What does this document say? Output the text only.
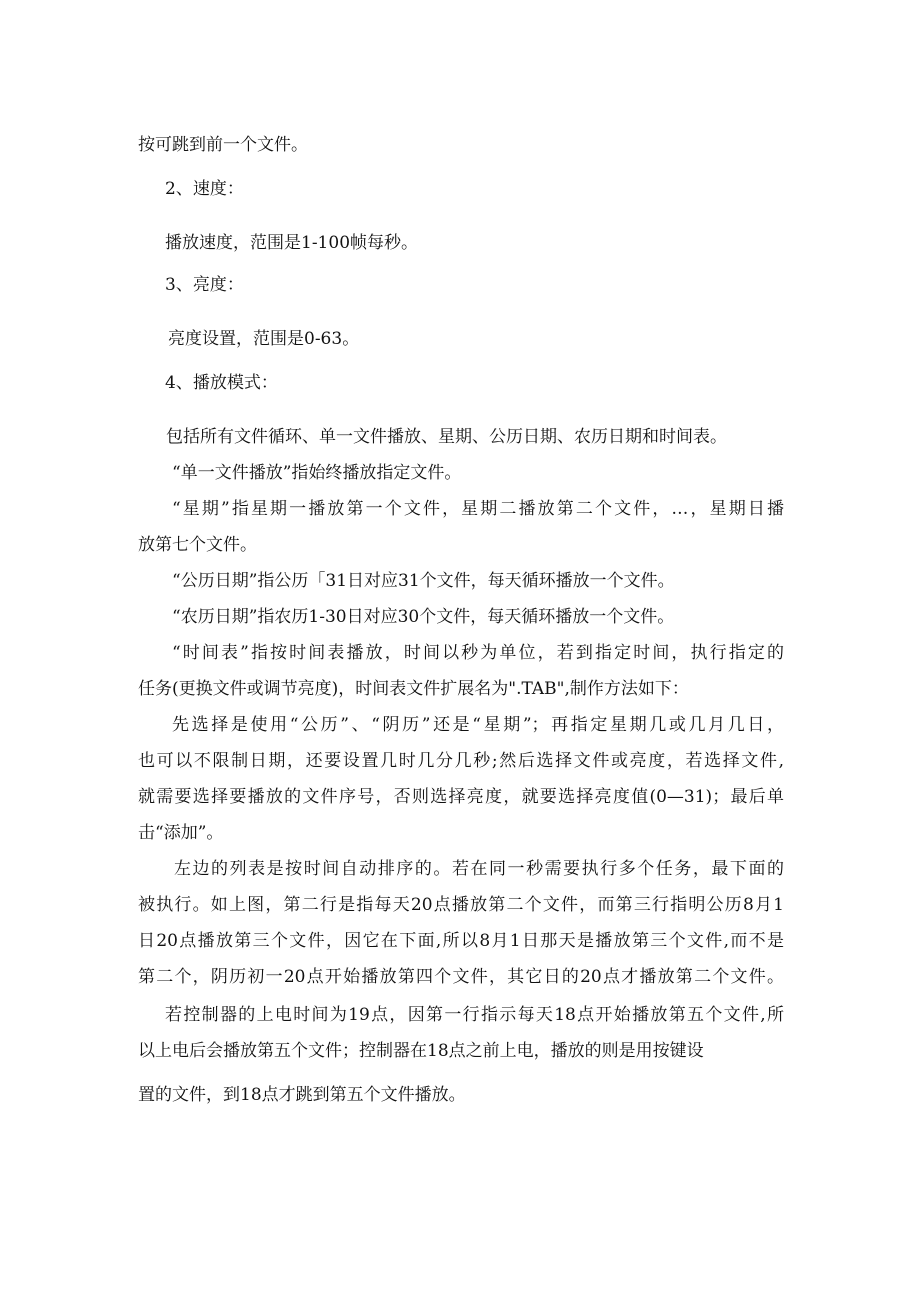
按可跳到前一个文件。

2、速度：

播放速度，范围是1-100帧每秒。

3、亮度：

亮度设置，范围是0-63。

4、播放模式：

包括所有文件循环、单一文件播放、星期、公历日期、农历日期和时间表。

“单一文件播放”指始终播放指定文件。

“星期”指星期一播放第一个文件，星期二播放第二个文件，…，星期日播

放第七个文件。

“公历日期”指公历「31日对应31个文件，每天循环播放一个文件。

“农历日期”指农历1-30日对应30个文件，每天循环播放一个文件。

“时间表”指按时间表播放，时间以秒为单位，若到指定时间，执行指定的

任务(更换文件或调节亮度)，时间表文件扩展名为".TAB",制作方法如下：

先选择是使用“公历”、“阴历”还是“星期”；再指定星期几或几月几日，

也可以不限制日期，还要设置几时几分几秒;然后选择文件或亮度，若选择文件,

就需要选择要播放的文件序号，否则选择亮度，就要选择亮度值(0—31)；最后单

击“添加”。

左边的列表是按时间自动排序的。若在同一秒需要执行多个任务，最下面的

被执行。如上图，第二行是指每天20点播放第二个文件，而第三行指明公历8月1

日20点播放第三个文件，因它在下面,所以8月1日那天是播放第三个文件,而不是

第二个，阴历初一20点开始播放第四个文件，其它日的20点才播放第二个文件。

若控制器的上电时间为19点，因第一行指示每天18点开始播放第五个文件,所

以上电后会播放第五个文件；控制器在18点之前上电，播放的则是用按键设

置的文件，到18点才跳到第五个文件播放。
